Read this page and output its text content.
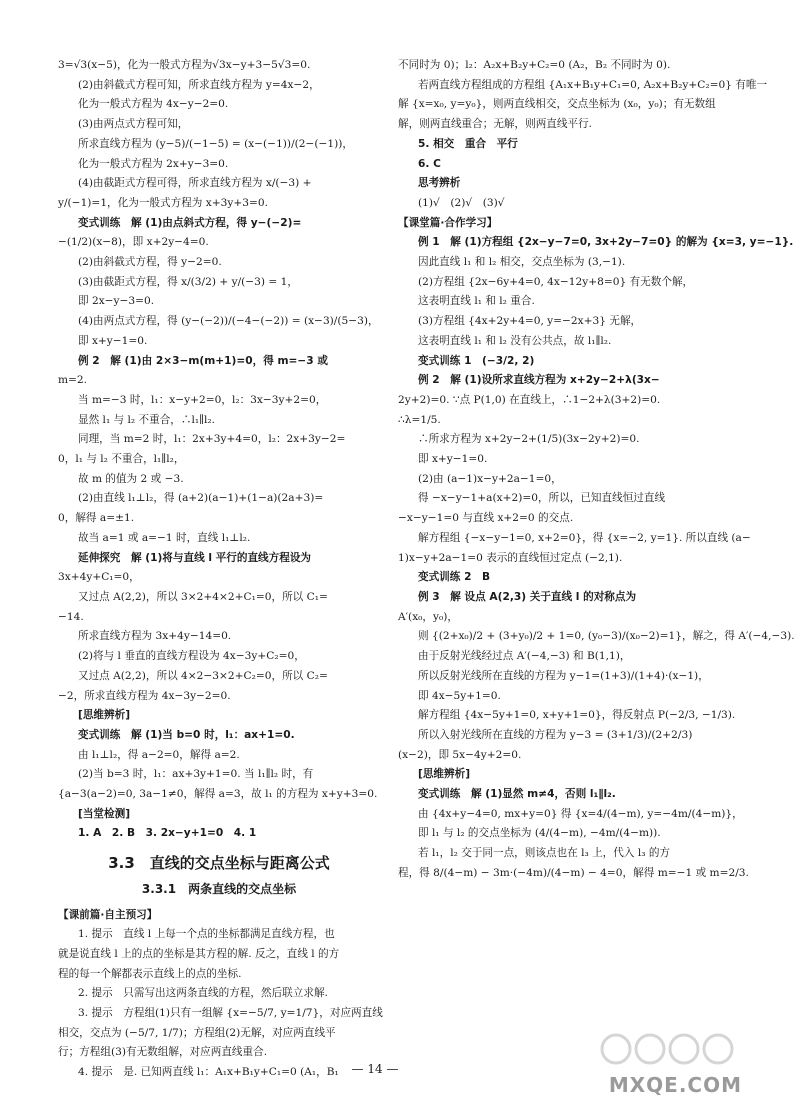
3=√3(x−5)，化为一般式方程为√3x−y+3−5√3=0.
(2)由斜截式方程可知，所求直线方程为 y=4x−2，
化为一般式方程为 4x−y−2=0.
(3)由两点式方程可知，
所求直线方程为 (y−5)/(−1−5) = (x−(−1))/(2−(−1))，
化为一般式方程为 2x+y−3=0.
(4)由截距式方程可得，所求直线方程为 x/(−3) +
y/(−1)=1，化为一般式方程为 x+3y+3=0.
变式训练　解 (1)由点斜式方程，得 y−(−2)=
−(1/2)(x−8)，即 x+2y−4=0.
(2)由斜截式方程，得 y−2=0.
(3)由截距式方程，得 x/(3/2) + y/(−3) = 1，
即 2x−y−3=0.
(4)由两点式方程，得 (y−(−2))/(−4−(−2)) = (x−3)/(5−3)，
即 x+y−1=0.
例 2　解 (1)由 2×3−m(m+1)=0，得 m=−3 或
m=2.
当 m=−3 时，l₁：x−y+2=0，l₂：3x−3y+2=0，
显然 l₁ 与 l₂ 不重合，∴l₁∥l₂.
同理，当 m=2 时，l₁：2x+3y+4=0，l₂：2x+3y−2=
0，l₁ 与 l₂ 不重合，l₁∥l₂，
故 m 的值为 2 或 −3.
(2)由直线 l₁⊥l₂，得 (a+2)(a−1)+(1−a)(2a+3)=
0，解得 a=±1.
故当 a=1 或 a=−1 时，直线 l₁⊥l₂.
延伸探究　解 (1)将与直线 l 平行的直线方程设为
3x+4y+C₁=0，
又过点 A(2,2)，所以 3×2+4×2+C₁=0，所以 C₁=
−14.
所求直线方程为 3x+4y−14=0.
(2)将与 l 垂直的直线方程设为 4x−3y+C₂=0，
又过点 A(2,2)，所以 4×2−3×2+C₂=0，所以 C₂=
−2，所求直线方程为 4x−3y−2=0.
[思维辨析]
变式训练　解 (1)当 b=0 时，l₁：ax+1=0.
由 l₁⊥l₂，得 a−2=0，解得 a=2.
(2)当 b=3 时，l₁：ax+3y+1=0. 当 l₁∥l₂ 时，有
{a−3(a−2)=0, 3a−1≠0，解得 a=3，故 l₁ 的方程为 x+y+3=0.
[当堂检测]
1. A　2. B　3. 2x−y+1=0　4. 1
3.3　直线的交点坐标与距离公式
3.3.1　两条直线的交点坐标
【课前篇·自主预习】
1. 提示　直线 l 上每一个点的坐标都满足直线方程，也
就是说直线 l 上的点的坐标是其方程的解. 反之，直线 l 的方
程的每一个解都表示直线上的点的坐标.
2. 提示　只需写出这两条直线的方程，然后联立求解.
3. 提示　方程组(1)只有一组解 {x=−5/7, y=1/7}，对应两直线
相交，交点为 (−5/7, 1/7)；方程组(2)无解，对应两直线平
行；方程组(3)有无数组解，对应两直线重合.
4. 提示　是. 已知两直线 l₁：A₁x+B₁y+C₁=0 (A₁，B₁
不同时为 0)；l₂：A₂x+B₂y+C₂=0 (A₂，B₂ 不同时为 0).
若两直线方程组成的方程组 {A₁x+B₁y+C₁=0, A₂x+B₂y+C₂=0} 有唯一
解 {x=x₀, y=y₀}，则两直线相交，交点坐标为 (x₀，y₀)；有无数组
解，则两直线重合；无解，则两直线平行.
5. 相交　重合　平行
6. C
思考辨析
(1)√　(2)√　(3)√
【课堂篇·合作学习】
例 1　解 (1)方程组 {2x−y−7=0, 3x+2y−7=0} 的解为 {x=3, y=−1}.
因此直线 l₁ 和 l₂ 相交，交点坐标为 (3,−1).
(2)方程组 {2x−6y+4=0, 4x−12y+8=0} 有无数个解，
这表明直线 l₁ 和 l₂ 重合.
(3)方程组 {4x+2y+4=0, y=−2x+3} 无解，
这表明直线 l₁ 和 l₂ 没有公共点，故 l₁∥l₂.
变式训练 1　(−3/2, 2)
例 2　解 (1)设所求直线方程为 x+2y−2+λ(3x−
2y+2)=0. ∵点 P(1,0) 在直线上，∴1−2+λ(3+2)=0.
∴λ=1/5.
∴所求方程为 x+2y−2+(1/5)(3x−2y+2)=0.
即 x+y−1=0.
(2)由 (a−1)x−y+2a−1=0，
得 −x−y−1+a(x+2)=0，所以，已知直线恒过直线
−x−y−1=0 与直线 x+2=0 的交点.
解方程组 {−x−y−1=0, x+2=0}，得 {x=−2, y=1}. 所以直线 (a−
1)x−y+2a−1=0 表示的直线恒过定点 (−2,1).
变式训练 2　B
例 3　解 设点 A(2,3) 关于直线 l 的对称点为
A′(x₀，y₀)，
则 {(2+x₀)/2 + (3+y₀)/2 + 1=0, (y₀−3)/(x₀−2)=1}，解之，得 A′(−4,−3).
由于反射光线经过点 A′(−4,−3) 和 B(1,1)，
所以反射光线所在直线的方程为 y−1=(1+3)/(1+4)·(x−1)，
即 4x−5y+1=0.
解方程组 {4x−5y+1=0, x+y+1=0}，得反射点 P(−2/3, −1/3).
所以入射光线所在直线的方程为 y−3 = (3+1/3)/(2+2/3)
(x−2)，即 5x−4y+2=0.
[思维辨析]
变式训练　解 (1)显然 m≠4，否则 l₁∥l₂.
由 {4x+y−4=0, mx+y=0} 得 {x=4/(4−m), y=−4m/(4−m)}，
即 l₁ 与 l₂ 的交点坐标为 (4/(4−m), −4m/(4−m)).
若 l₁，l₂ 交于同一点，则该点也在 l₃ 上，代入 l₃ 的方
程，得 8/(4−m) − 3m·(−4m)/(4−m) − 4=0，解得 m=−1 或 m=2/3.
— 14 —
MXQE.COM
